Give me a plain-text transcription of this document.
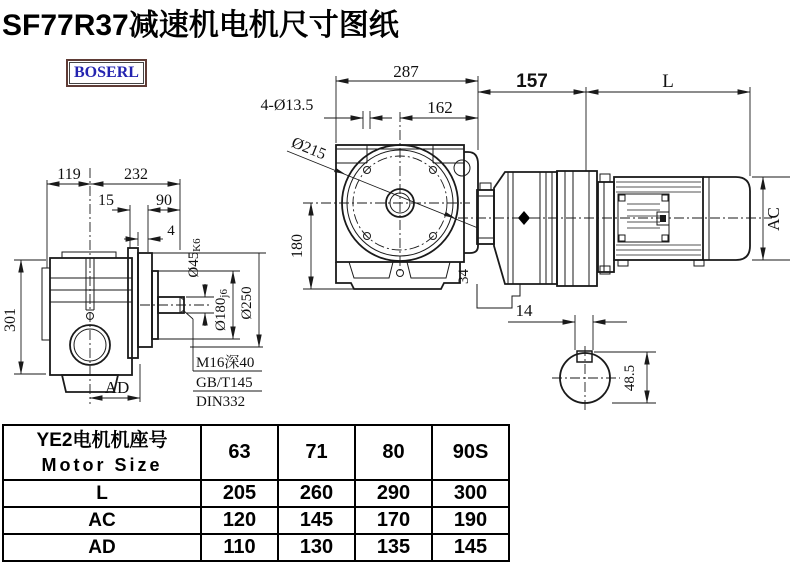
SF77R37减速机电机尺寸图纸
BOSERL
119	232
15	90
4
301
AD
Ø45K6
Ø180j6 Ø250
M16深40
GB/T145
DIN332
287
162
4-Ø13.5
Ø215
180
34
157	L
AC
14
48.5
YE2电机机座号
Motor Size	63	71	80	90S
L	205	260	290	300
AC	120	145	170	190
AD	110	130	135	145
